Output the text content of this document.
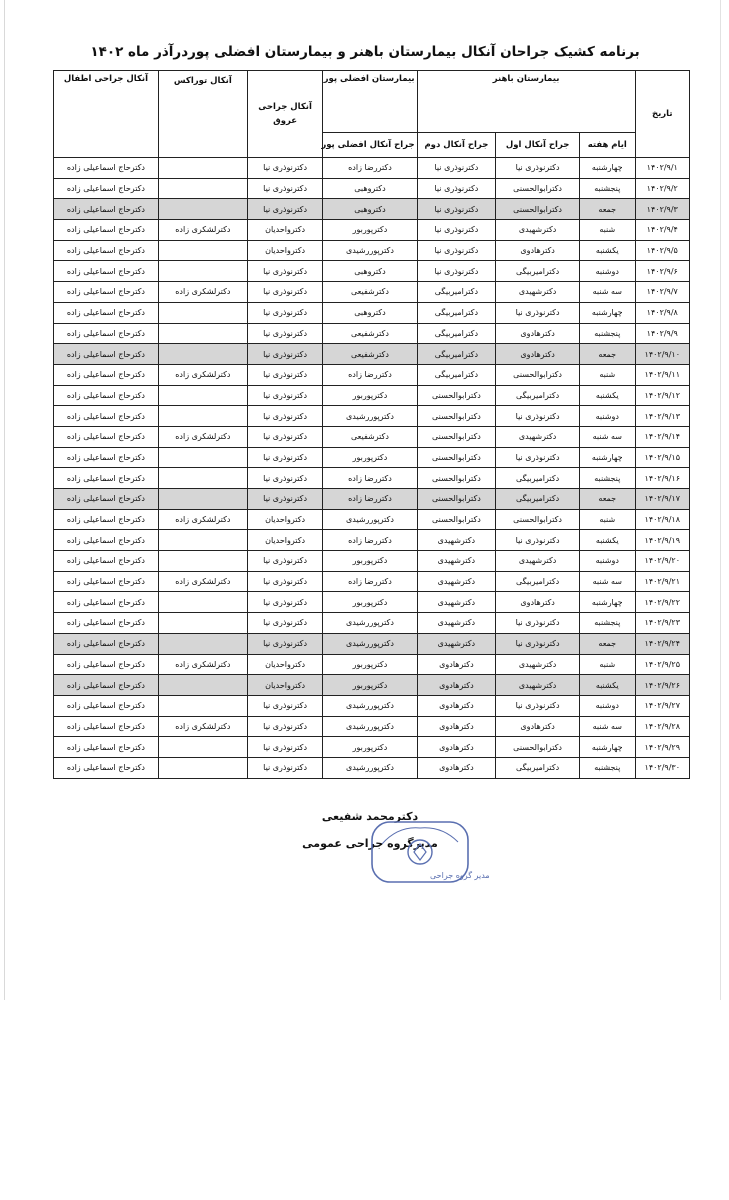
برنامه کشیک جراحان آنکال بیمارستان باهنر و بیمارستان افضلی پوردرآذر ماه ۱۴۰۲
تاریخ	بیمارستان باهنر			بیمارستان افضلی پور	آنکال جراحی عروق	آنکال توراکس	آنکال جراحی اطفال
	ایام هفته	جراح آنکال اول	جراح آنکال دوم	جراح آنکال افضلی پور			
۱۴۰۲/۹/۱	چهارشنبه	دکترنوذری نیا	دکترنوذری نیا	دکتررضا زاده	دکترنوذری نیا		دکترحاج اسماعیلی زاده
۱۴۰۲/۹/۲	پنجشنبه	دکترابوالحسنی	دکترنوذری نیا	دکتروهبی	دکترنوذری نیا		دکترحاج اسماعیلی زاده
۱۴۰۲/۹/۳	جمعه	دکترابوالحسنی	دکترنوذری نیا	دکتروهبی	دکترنوذری نیا		دکترحاج اسماعیلی زاده
۱۴۰۲/۹/۴	شنبه	دکترشهیدی	دکترنوذری نیا	دکترپوربور	دکترواحدیان	دکترلشکری زاده	دکترحاج اسماعیلی زاده
۱۴۰۲/۹/۵	یکشنبه	دکترهادوی	دکترنوذری نیا	دکترپوررشیدی	دکترواحدیان		دکترحاج اسماعیلی زاده
۱۴۰۲/۹/۶	دوشنبه	دکترامیربیگی	دکترنوذری نیا	دکتروهبی	دکترنوذری نیا		دکترحاج اسماعیلی زاده
۱۴۰۲/۹/۷	سه شنبه	دکترشهیدی	دکترامیربیگی	دکترشفیعی	دکترنوذری نیا	دکترلشکری زاده	دکترحاج اسماعیلی زاده
۱۴۰۲/۹/۸	چهارشنبه	دکترنوذری نیا	دکترامیربیگی	دکتروهبی	دکترنوذری نیا		دکترحاج اسماعیلی زاده
۱۴۰۲/۹/۹	پنجشنبه	دکترهادوی	دکترامیربیگی	دکترشفیعی	دکترنوذری نیا		دکترحاج اسماعیلی زاده
۱۴۰۲/۹/۱۰	جمعه	دکترهادوی	دکترامیربیگی	دکترشفیعی	دکترنوذری نیا		دکترحاج اسماعیلی زاده
۱۴۰۲/۹/۱۱	شنبه	دکترابوالحسنی	دکترامیربیگی	دکتررضا زاده	دکترنوذری نیا	دکترلشکری زاده	دکترحاج اسماعیلی زاده
۱۴۰۲/۹/۱۲	یکشنبه	دکترامیربیگی	دکترابوالحسنی	دکترپوربور	دکترنوذری نیا		دکترحاج اسماعیلی زاده
۱۴۰۲/۹/۱۳	دوشنبه	دکترنوذری نیا	دکترابوالحسنی	دکترپوررشیدی	دکترنوذری نیا		دکترحاج اسماعیلی زاده
۱۴۰۲/۹/۱۴	سه شنبه	دکترشهیدی	دکترابوالحسنی	دکترشفیعی	دکترنوذری نیا	دکترلشکری زاده	دکترحاج اسماعیلی زاده
۱۴۰۲/۹/۱۵	چهارشنبه	دکترنوذری نیا	دکترابوالحسنی	دکترپوربور	دکترنوذری نیا		دکترحاج اسماعیلی زاده
۱۴۰۲/۹/۱۶	پنجشنبه	دکترامیربیگی	دکترابوالحسنی	دکتررضا زاده	دکترنوذری نیا		دکترحاج اسماعیلی زاده
۱۴۰۲/۹/۱۷	جمعه	دکترامیربیگی	دکترابوالحسنی	دکتررضا زاده	دکترنوذری نیا		دکترحاج اسماعیلی زاده
۱۴۰۲/۹/۱۸	شنبه	دکترابوالحسنی	دکترابوالحسنی	دکترپوررشیدی	دکترواحدیان	دکترلشکری زاده	دکترحاج اسماعیلی زاده
۱۴۰۲/۹/۱۹	یکشنبه	دکترنوذری نیا	دکترشهیدی	دکتررضا زاده	دکترواحدیان		دکترحاج اسماعیلی زاده
۱۴۰۲/۹/۲۰	دوشنبه	دکترشهیدی	دکترشهیدی	دکترپوربور	دکترنوذری نیا		دکترحاج اسماعیلی زاده
۱۴۰۲/۹/۲۱	سه شنبه	دکترامیربیگی	دکترشهیدی	دکتررضا زاده	دکترنوذری نیا	دکترلشکری زاده	دکترحاج اسماعیلی زاده
۱۴۰۲/۹/۲۲	چهارشنبه	دکترهادوی	دکترشهیدی	دکترپوربور	دکترنوذری نیا		دکترحاج اسماعیلی زاده
۱۴۰۲/۹/۲۳	پنجشنبه	دکترنوذری نیا	دکترشهیدی	دکترپوررشیدی	دکترنوذری نیا		دکترحاج اسماعیلی زاده
۱۴۰۲/۹/۲۴	جمعه	دکترنوذری نیا	دکترشهیدی	دکترپوررشیدی	دکترنوذری نیا		دکترحاج اسماعیلی زاده
۱۴۰۲/۹/۲۵	شنبه	دکترشهیدی	دکترهادوی	دکترپوربور	دکترواحدیان	دکترلشکری زاده	دکترحاج اسماعیلی زاده
۱۴۰۲/۹/۲۶	یکشنبه	دکترشهیدی	دکترهادوی	دکترپوربور	دکترواحدیان		دکترحاج اسماعیلی زاده
۱۴۰۲/۹/۲۷	دوشنبه	دکترنوذری نیا	دکترهادوی	دکترپوررشیدی	دکترنوذری نیا		دکترحاج اسماعیلی زاده
۱۴۰۲/۹/۲۸	سه شنبه	دکترهادوی	دکترهادوی	دکترپوررشیدی	دکترنوذری نیا	دکترلشکری زاده	دکترحاج اسماعیلی زاده
۱۴۰۲/۹/۲۹	چهارشنبه	دکترابوالحسنی	دکترهادوی	دکترپوربور	دکترنوذری نیا		دکترحاج اسماعیلی زاده
۱۴۰۲/۹/۳۰	پنجشنبه	دکترامیربیگی	دکترهادوی	دکترپوررشیدی	دکترنوذری نیا		دکترحاج اسماعیلی زاده
دکترمحمد شفیعی
مدیرگروه جراحی عمومی
مدیر گروه جراحی
